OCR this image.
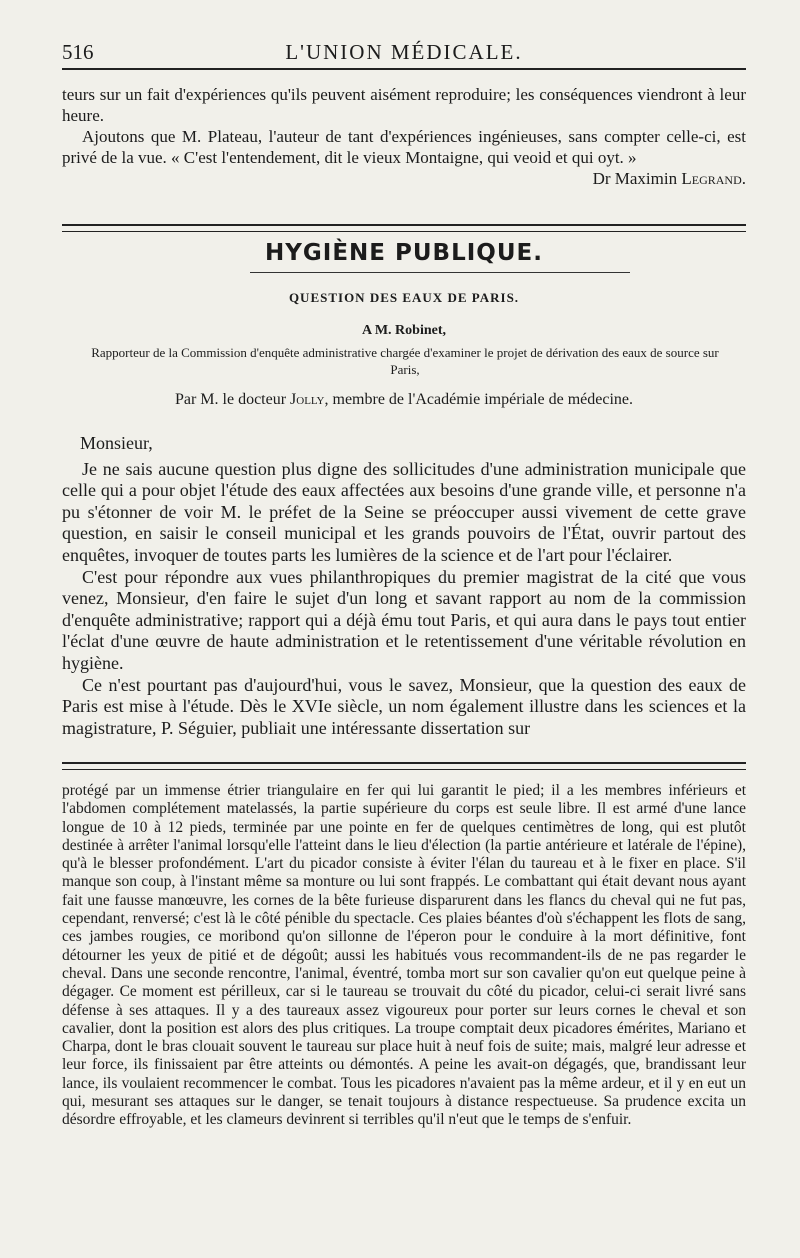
516	L'UNION MÉDICALE.

teurs sur un fait d'expériences qu'ils peuvent aisément reproduire; les conséquences viendront à leur heure.

Ajoutons que M. Plateau, l'auteur de tant d'expériences ingénieuses, sans compter celle-ci, est privé de la vue. « C'est l'entendement, dit le vieux Montaigne, qui veoid et qui oyt. »

Dr Maximin Legrand.

HYGIÈNE PUBLIQUE.
QUESTION DES EAUX DE PARIS.
A M. Robinet,
Rapporteur de la Commission d'enquête administrative chargée d'examiner le projet de dérivation des eaux de source sur Paris,
Par M. le docteur Jolly, membre de l'Académie impériale de médecine.

Monsieur,

Je ne sais aucune question plus digne des sollicitudes d'une administration municipale que celle qui a pour objet l'étude des eaux affectées aux besoins d'une grande ville, et personne n'a pu s'étonner de voir M. le préfet de la Seine se préoccuper aussi vivement de cette grave question, en saisir le conseil municipal et les grands pouvoirs de l'État, ouvrir partout des enquêtes, invoquer de toutes parts les lumières de la science et de l'art pour l'éclairer.

C'est pour répondre aux vues philanthropiques du premier magistrat de la cité que vous venez, Monsieur, d'en faire le sujet d'un long et savant rapport au nom de la commission d'enquête administrative; rapport qui a déjà ému tout Paris, et qui aura dans le pays tout entier l'éclat d'une œuvre de haute administration et le retentissement d'une véritable révolution en hygiène.

Ce n'est pourtant pas d'aujourd'hui, vous le savez, Monsieur, que la question des eaux de Paris est mise à l'étude. Dès le XVIe siècle, un nom également illustre dans les sciences et la magistrature, P. Séguier, publiait une intéressante dissertation sur

protégé par un immense étrier triangulaire en fer qui lui garantit le pied; il a les membres inférieurs et l'abdomen complétement matelassés, la partie supérieure du corps est seule libre. Il est armé d'une lance longue de 10 à 12 pieds, terminée par une pointe en fer de quelques centimètres de long, qui est plutôt destinée à arrêter l'animal lorsqu'elle l'atteint dans le lieu d'élection (la partie antérieure et latérale de l'épine), qu'à le blesser profondément. L'art du picador consiste à éviter l'élan du taureau et à le fixer en place. S'il manque son coup, à l'instant même sa monture ou lui sont frappés. Le combattant qui était devant nous ayant fait une fausse manœuvre, les cornes de la bête furieuse disparurent dans les flancs du cheval qui ne fut pas, cependant, renversé; c'est là le côté pénible du spectacle. Ces plaies béantes d'où s'échappent les flots de sang, ces jambes rougies, ce moribond qu'on sillonne de l'éperon pour le conduire à la mort définitive, font détourner les yeux de pitié et de dégoût; aussi les habitués vous recommandent-ils de ne pas regarder le cheval. Dans une seconde rencontre, l'animal, éventré, tomba mort sur son cavalier qu'on eut quelque peine à dégager. Ce moment est périlleux, car si le taureau se trouvait du côté du picador, celui-ci serait livré sans défense à ses attaques. Il y a des taureaux assez vigoureux pour porter sur leurs cornes le cheval et son cavalier, dont la position est alors des plus critiques. La troupe comptait deux picadores émérites, Mariano et Charpa, dont le bras clouait souvent le taureau sur place huit à neuf fois de suite; mais, malgré leur adresse et leur force, ils finissaient par être atteints ou démontés. A peine les avait-on dégagés, que, brandissant leur lance, ils voulaient recommencer le combat. Tous les picadores n'avaient pas la même ardeur, et il y en eut un qui, mesurant ses attaques sur le danger, se tenait toujours à distance respectueuse. Sa prudence excita un désordre effroyable, et les clameurs devinrent si terribles qu'il n'eut que le temps de s'enfuir.
